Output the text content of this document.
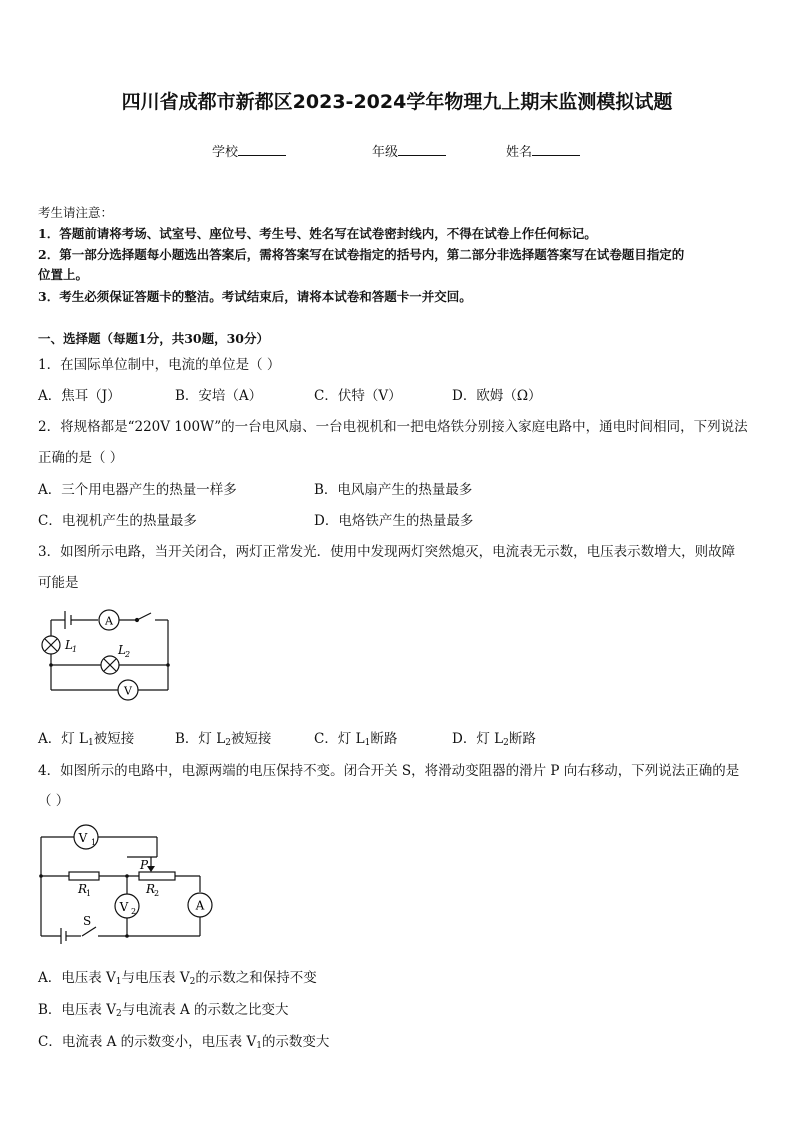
四川省成都市新都区2023-2024学年物理九上期末监测模拟试题
学校	年级	姓名
考生请注意：
1．答题前请将考场、试室号、座位号、考生号、姓名写在试卷密封线内，不得在试卷上作任何标记。
2．第一部分选择题每小题选出答案后，需将答案写在试卷指定的括号内，第二部分非选择题答案写在试卷题目指定的
位置上。
3．考生必须保证答题卡的整洁。考试结束后，请将本试卷和答题卡一并交回。
一、选择题（每题1分，共30题，30分）
1．在国际单位制中，电流的单位是（ ）
A．焦耳（J）	B．安培（A）	C．伏特（V）	D．欧姆（Ω）
2．将规格都是“220V 100W”的一台电风扇、一台电视机和一把电烙铁分别接入家庭电路中，通电时间相同，下列说法
正确的是（ ）
A．三个用电器产生的热量一样多	B．电风扇产生的热量最多
C．电视机产生的热量最多	D．电烙铁产生的热量最多
3．如图所示电路，当开关闭合，两灯正常发光．使用中发现两灯突然熄灭，电流表无示数，电压表示数增大，则故障
可能是
A
V
L 1	L 2
A．灯 $L_1$被短接	B．灯 $L_2$被短接	C．灯 $L_1$断路	D．灯 $L_2$断路
4．如图所示的电路中，电源两端的电压保持不变。闭合开关 S，将滑动变阻器的滑片 P 向右移动，下列说法正确的是
（ ）
V 1
V 2	A
R
1	R
2
P
S
A．电压表 $V_1$与电压表 $V_2$的示数之和保持不变
B．电压表 $V_2$与电流表 A 的示数之比变大
C．电流表 A 的示数变小，电压表 $V_1$的示数变大
